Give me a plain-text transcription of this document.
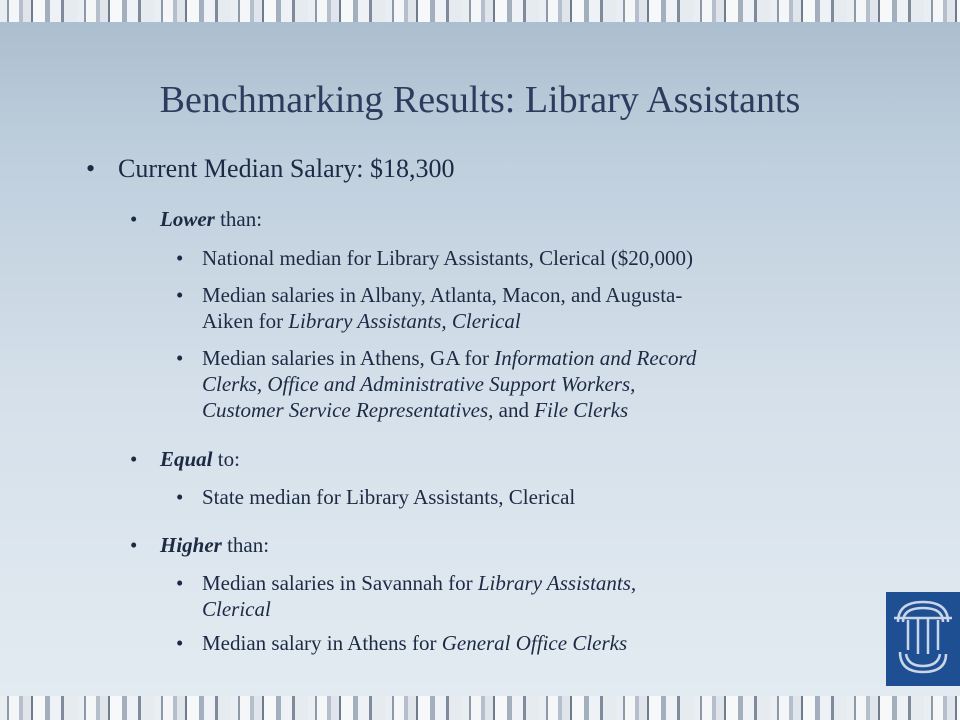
Benchmarking Results: Library Assistants
• Current Median Salary: $18,300
•	Lower than:
• National median for Library Assistants, Clerical ($20,000)
• Median salaries in Albany, Atlanta, Macon, and Augusta-
Aiken for Library Assistants, Clerical
• Median salaries in Athens, GA for Information and Record
Clerks, Office and Administrative Support Workers,
Customer Service Representatives, and File Clerks
•	Equal to:
• State median for Library Assistants, Clerical
•	Higher than:
• Median salaries in Savannah for Library Assistants,
Clerical
• Median salary in Athens for General Office Clerks
